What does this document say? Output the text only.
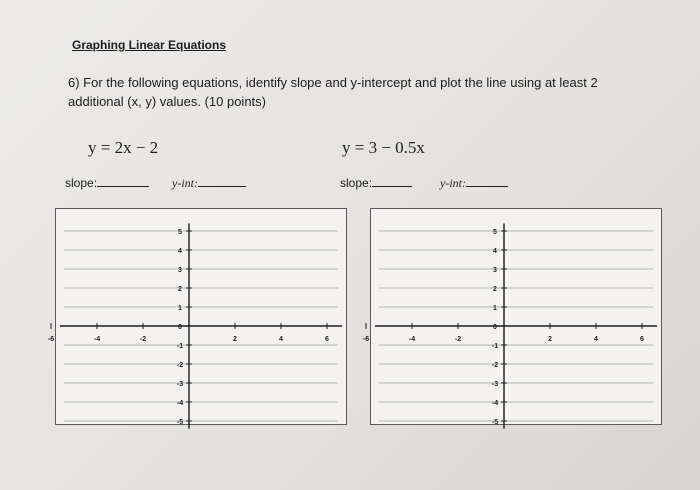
Graphing Linear Equations
6) For the following equations, identify slope and y-intercept and plot the line using at least 2
additional (x, y) values. (10 points)
y = 2x − 2	y = 3 − 0.5x
slope:	y-int:	slope:	y-int:
-6	-4	-2	2	4	6
5
4
3
2
1
0
-1
-2
-3
-4
-5
-6	-4	-2	2	4	6
5
4
3
2
1
0
-1
-2
-3
-4
-5
